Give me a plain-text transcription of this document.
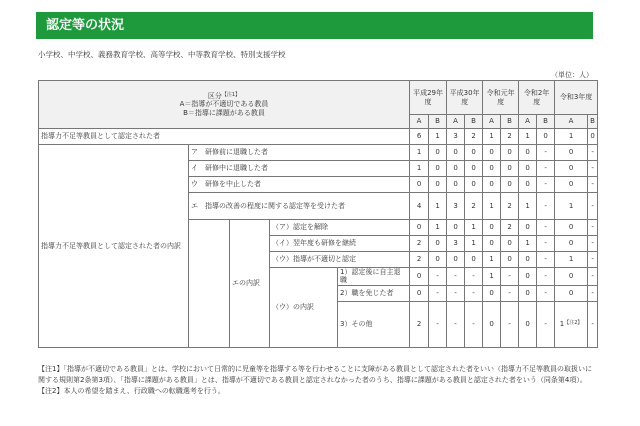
認定等の状況
小学校、中学校、義務教育学校、高等学校、中等教育学校、特別支援学校
（単位：人）
区分$^{【注1】}$
A＝指導が不適切である教員
B＝指導に課題がある教員					平成29年度		平成30年度		令和元年度		令和2年度		令和3年度	
					A	B	A	B	A	B	A	B	A	B
指導力不足等教員として認定された者					6	1	3	2	1	2	1	0	1	0
指導力不足等教員として認定された者の内訳	ア　研修前に退職した者				1	0	0	0	0	0	0	-	0	-
	イ　研修中に退職した者				1	0	0	0	0	0	0	-	0	-
	ウ　研修を中止した者				0	0	0	0	0	0	0	-	0	-
	エ　指導の改善の程度に関する認定等を受けた者				4	1	3	2	1	2	1	-	1	-
		エの内訳	（ア）認定を解除		0	1	0	1	0	2	0	-	0	-
			（イ）翌年度も研修を継続		2	0	3	1	0	0	1	-	0	-
			（ウ）指導が不適切と認定		2	0	0	0	1	0	0	-	1	-
			（ウ）の内訳	1）認定後に自主退職	0	-	-	-	1	-	0	-	0	-
				2）職を免じた者	0	-	-	-	0	-	0	-	0	-
				3）その他	2	-	-	-	0	-	0	-	$1^{【注2】}$	-

【注1】「指導が不適切である教員」とは、学校において日常的に児童等を指導する等を行わせることに支障がある教員として認定された者をいい（指導力不足等教員の取扱いに関する規則第2条第3項）、「指導に課題がある教員」とは、指導が不適切である教員と認定されなかった者のうち、指導に課題がある教員と認定された者をいう（同条第4項）。

【注2】本人の希望を踏まえ、行政職への転職選考を行う。
